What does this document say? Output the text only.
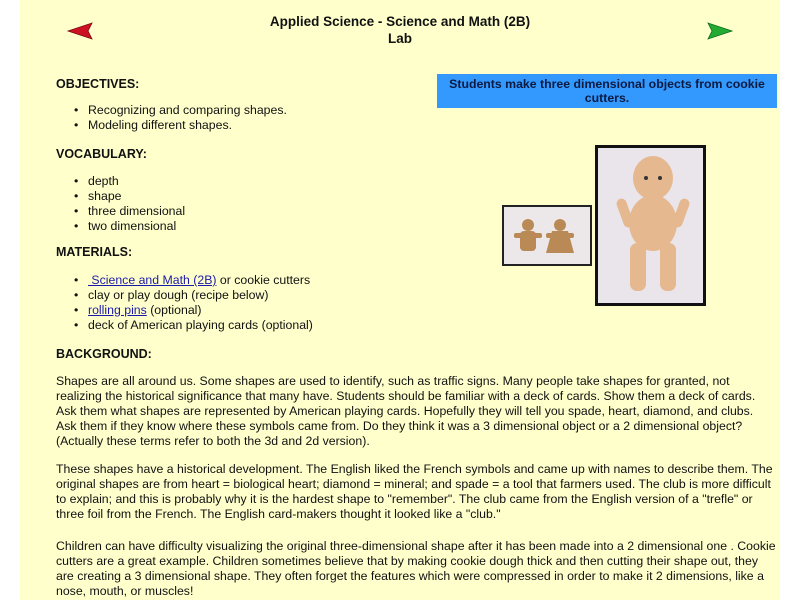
Applied Science - Science and Math (2B)
Lab
Students make three dimensional objects from cookie cutters.
OBJECTIVES:
• Recognizing and comparing shapes.
• Modeling different shapes.
VOCABULARY:
• depth
• shape
• three dimensional
• two dimensional
MATERIALS:
• Science and Math (2B) or cookie cutters
• clay or play dough (recipe below)
• rolling pins (optional)
• deck of American playing cards (optional)
BACKGROUND:
Shapes are all around us. Some shapes are used to identify, such as traffic signs. Many people take shapes for granted, not realizing the historical significance that many have. Students should be familiar with a deck of cards. Show them a deck of cards. Ask them what shapes are represented by American playing cards. Hopefully they will tell you spade, heart, diamond, and clubs. Ask them if they know where these symbols came from. Do they think it was a 3 dimensional object or a 2 dimensional object? (Actually these terms refer to both the 3d and 2d version).
These shapes have a historical development. The English liked the French symbols and came up with names to describe them. The original shapes are from heart = biological heart; diamond = mineral; and spade = a tool that farmers used. The club is more difficult to explain; and this is probably why it is the hardest shape to "remember". The club came from the English version of a "trefle" or three foil from the French. The English card-makers thought it looked like a "club."
Children can have difficulty visualizing the original three-dimensional shape after it has been made into a 2 dimensional one . Cookie cutters are a great example. Children sometimes believe that by making cookie dough thick and then cutting their shape out, they are creating a 3 dimensional shape. They often forget the features which were compressed in order to make it 2 dimensions, like a nose, mouth, or muscles!
